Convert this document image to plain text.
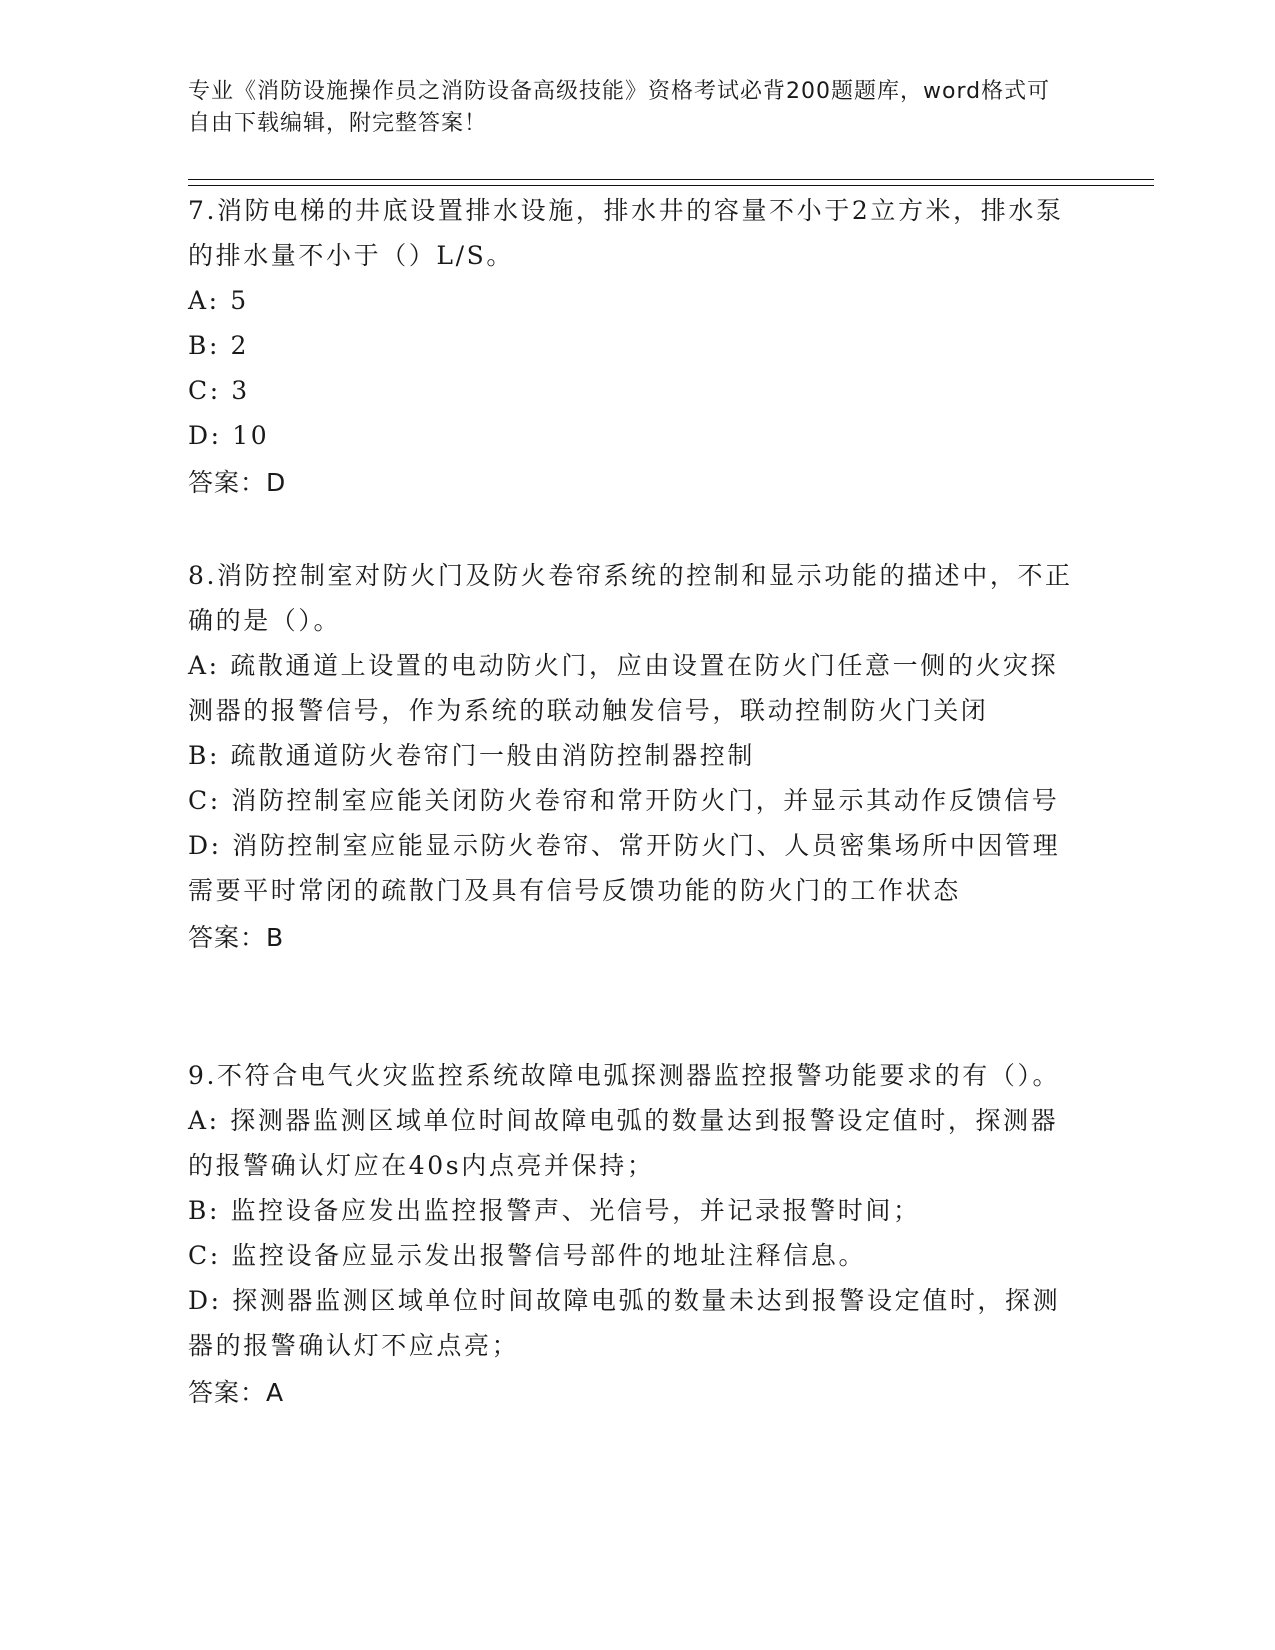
专业《消防设施操作员之消防设备高级技能》资格考试必背200题题库，word格式可自由下载编辑，附完整答案！
7.消防电梯的井底设置排水设施，排水井的容量不小于2立方米，排水泵的排水量不小于（）L/S。
A: 5
B: 2
C: 3
D: 10
答案：D
8.消防控制室对防火门及防火卷帘系统的控制和显示功能的描述中，不正确的是（）。
A: 疏散通道上设置的电动防火门，应由设置在防火门任意一侧的火灾探测器的报警信号，作为系统的联动触发信号，联动控制防火门关闭
B: 疏散通道防火卷帘门一般由消防控制器控制
C: 消防控制室应能关闭防火卷帘和常开防火门，并显示其动作反馈信号
D: 消防控制室应能显示防火卷帘、常开防火门、人员密集场所中因管理需要平时常闭的疏散门及具有信号反馈功能的防火门的工作状态
答案：B
9.不符合电气火灾监控系统故障电弧探测器监控报警功能要求的有（）。
A: 探测器监测区域单位时间故障电弧的数量达到报警设定值时，探测器的报警确认灯应在40s内点亮并保持；
B: 监控设备应发出监控报警声、光信号，并记录报警时间；
C: 监控设备应显示发出报警信号部件的地址注释信息。
D: 探测器监测区域单位时间故障电弧的数量未达到报警设定值时，探测器的报警确认灯不应点亮；
答案：A
